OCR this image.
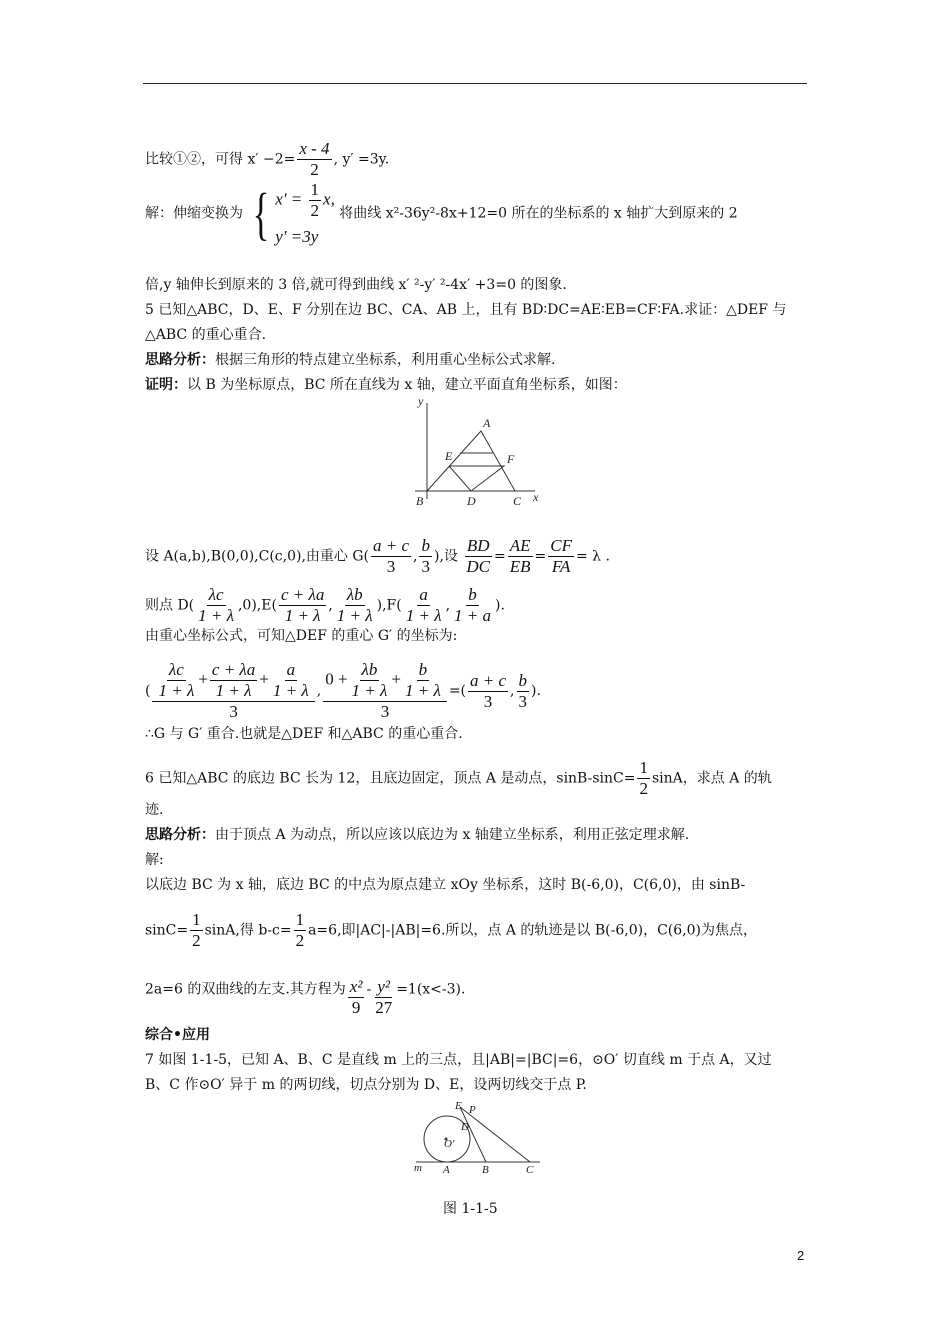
比较①②，可得 $x' -2= \frac{x - 4}{2}$ , y′ =3y.
解：伸缩变换为 { $x' = \frac{1}{2} x$,
y′ =3y
将曲线 x²-36y²-8x+12=0 所在的坐标系的 x 轴扩大到原来的 2
倍,y 轴伸长到原来的 3 倍,就可得到曲线 x′ ²-y′ ²-4x′ +3=0 的图象.
5 已知△ABC，D、E、F 分别在边 BC、CA、AB 上，且有 BD∶DC=AE∶EB=CF∶FA.求证：△DEF 与
△ABC 的重心重合.
思路分析：根据三角形的特点建立坐标系，利用重心坐标公式求解.
证明：以 B 为坐标原点，BC 所在直线为 x 轴，建立平面直角坐标系，如图：
y
A
E	F
B	D	C x
设 A(a,b),B(0,0),C(c,0),由重心 $G( \frac{a + c}{3}$ , $\frac{b}{3}$ ),设 $\frac{BD}{DC} = \frac{AE}{EB} = \frac{CF}{FA} = \lambda$ .
则点 $D( \frac{\lambda c}{1 + \lambda} ,0),E( \frac{c + \lambda a}{1 + \lambda}$ , $\frac{\lambda b}{1 + \lambda} ),F( \frac{a}{1 + \lambda}$ , $\frac{b}{1 + a}$ ).
由重心坐标公式，可知△DEF 的重心 G′ 的坐标为:
( $\frac{\frac{\lambda c}{1 + \lambda} + \frac{c + \lambda a}{1 + \lambda} + \frac{a}{1 + \lambda}}{3}$ , $\frac{0 + \frac{\lambda b}{1 + \lambda} + \frac{b}{1 + \lambda}}{3}$ =( $\frac{a + c}{3}$ , $\frac{b}{3}$ ).
∴G 与 G′ 重合.也就是△DEF 和△ABC 的重心重合.
6 已知△ABC 的底边 BC 长为 12，且底边固定，顶点 A 是动点，$\sin B-\sin C= \frac{1}{2}$ sinA，求点 A 的轨
迹.
思路分析：由于顶点 A 为动点，所以应该以底边为 x 轴建立坐标系，利用正弦定理求解.
解:
以底边 BC 为 x 轴，底边 BC 的中点为原点建立 xOy 坐标系，这时 B(-6,0)，C(6,0)，由 sinB-
$\sin C= \frac{1}{2} \sin A$,得 $b-c= \frac{1}{2} a=6$,即|AC|-|AB|=6.所以，点 A 的轨迹是以 B(-6,0)，C(6,0)为焦点，
2a=6 的双曲线的左支.其方程为 $\frac{\text{x²}}{9} - \frac{\text{y²}}{27} =1(x<-3)$.
综合•应用
7 如图 1-1-5，已知 A、B、C 是直线 m 上的三点，且|AB|=|BC|=6，⊙O′ 切直线 m 于点 A，又过
B、C 作⊙O′ 异于 m 的两切线，切点分别为 D、E，设两切线交于点 P.
E P
D
O′
m A	B	C
图 1-1-5
2
